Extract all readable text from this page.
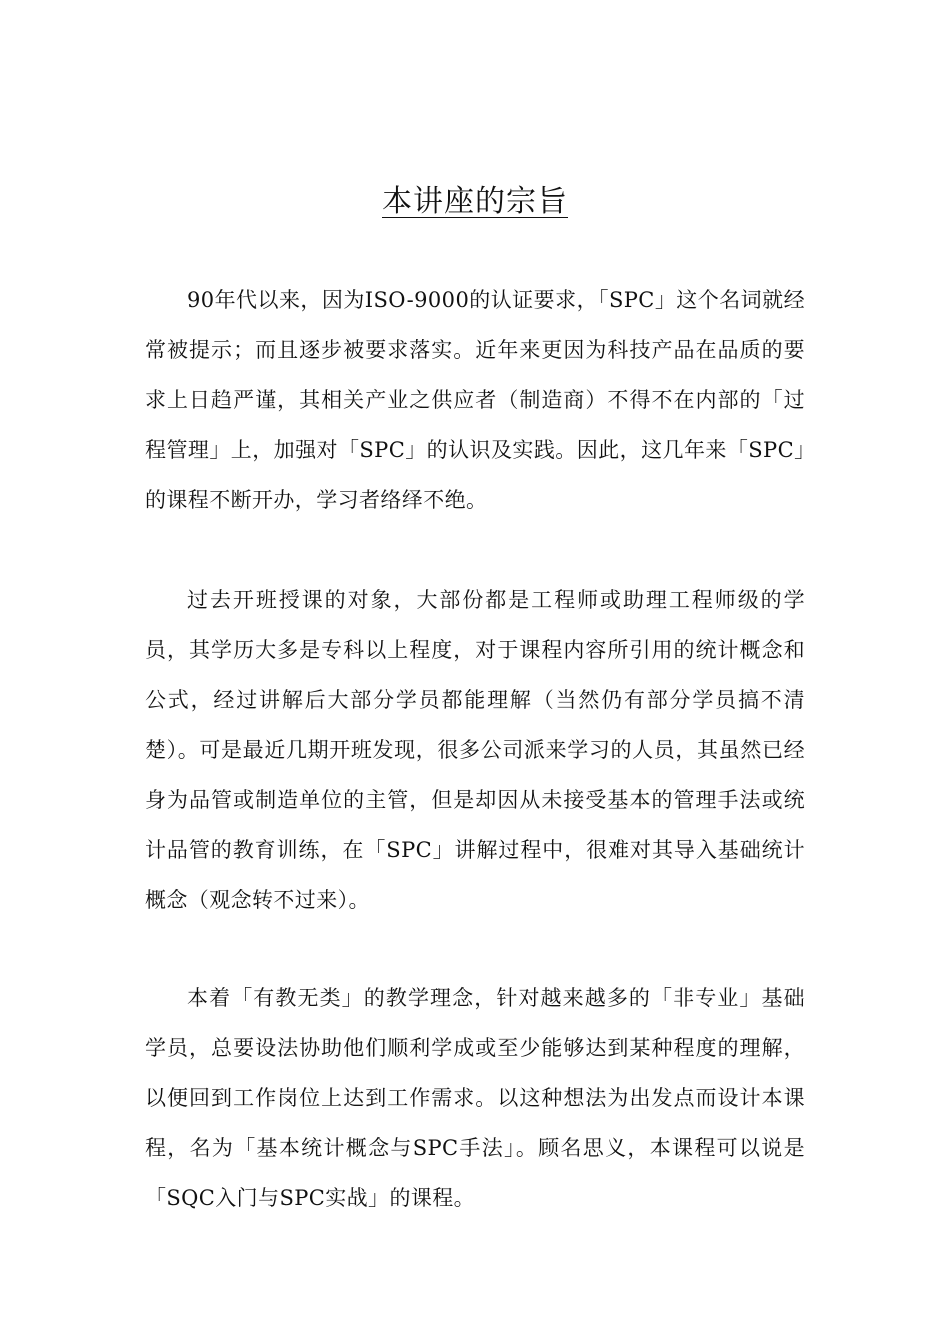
本讲座的宗旨

90年代以来，因为ISO-9000的认证要求，「SPC」这个名词就经常被提示；而且逐步被要求落实。近年来更因为科技产品在品质的要求上日趋严谨，其相关产业之供应者（制造商）不得不在内部的「过程管理」上，加强对「SPC」的认识及实践。因此，这几年来「SPC」的课程不断开办，学习者络绎不绝。

过去开班授课的对象，大部份都是工程师或助理工程师级的学员，其学历大多是专科以上程度，对于课程内容所引用的统计概念和公式，经过讲解后大部分学员都能理解（当然仍有部分学员搞不清楚）。可是最近几期开班发现，很多公司派来学习的人员，其虽然已经身为品管或制造单位的主管，但是却因从未接受基本的管理手法或统计品管的教育训练，在「SPC」讲解过程中，很难对其导入基础统计概念（观念转不过来）。

本着「有教无类」的教学理念，针对越来越多的「非专业」基础学员，总要设法协助他们顺利学成或至少能够达到某种程度的理解，以便回到工作岗位上达到工作需求。以这种想法为出发点而设计本课程，名为「基本统计概念与SPC手法」。顾名思义，本课程可以说是「SQC入门与SPC实战」的课程。
